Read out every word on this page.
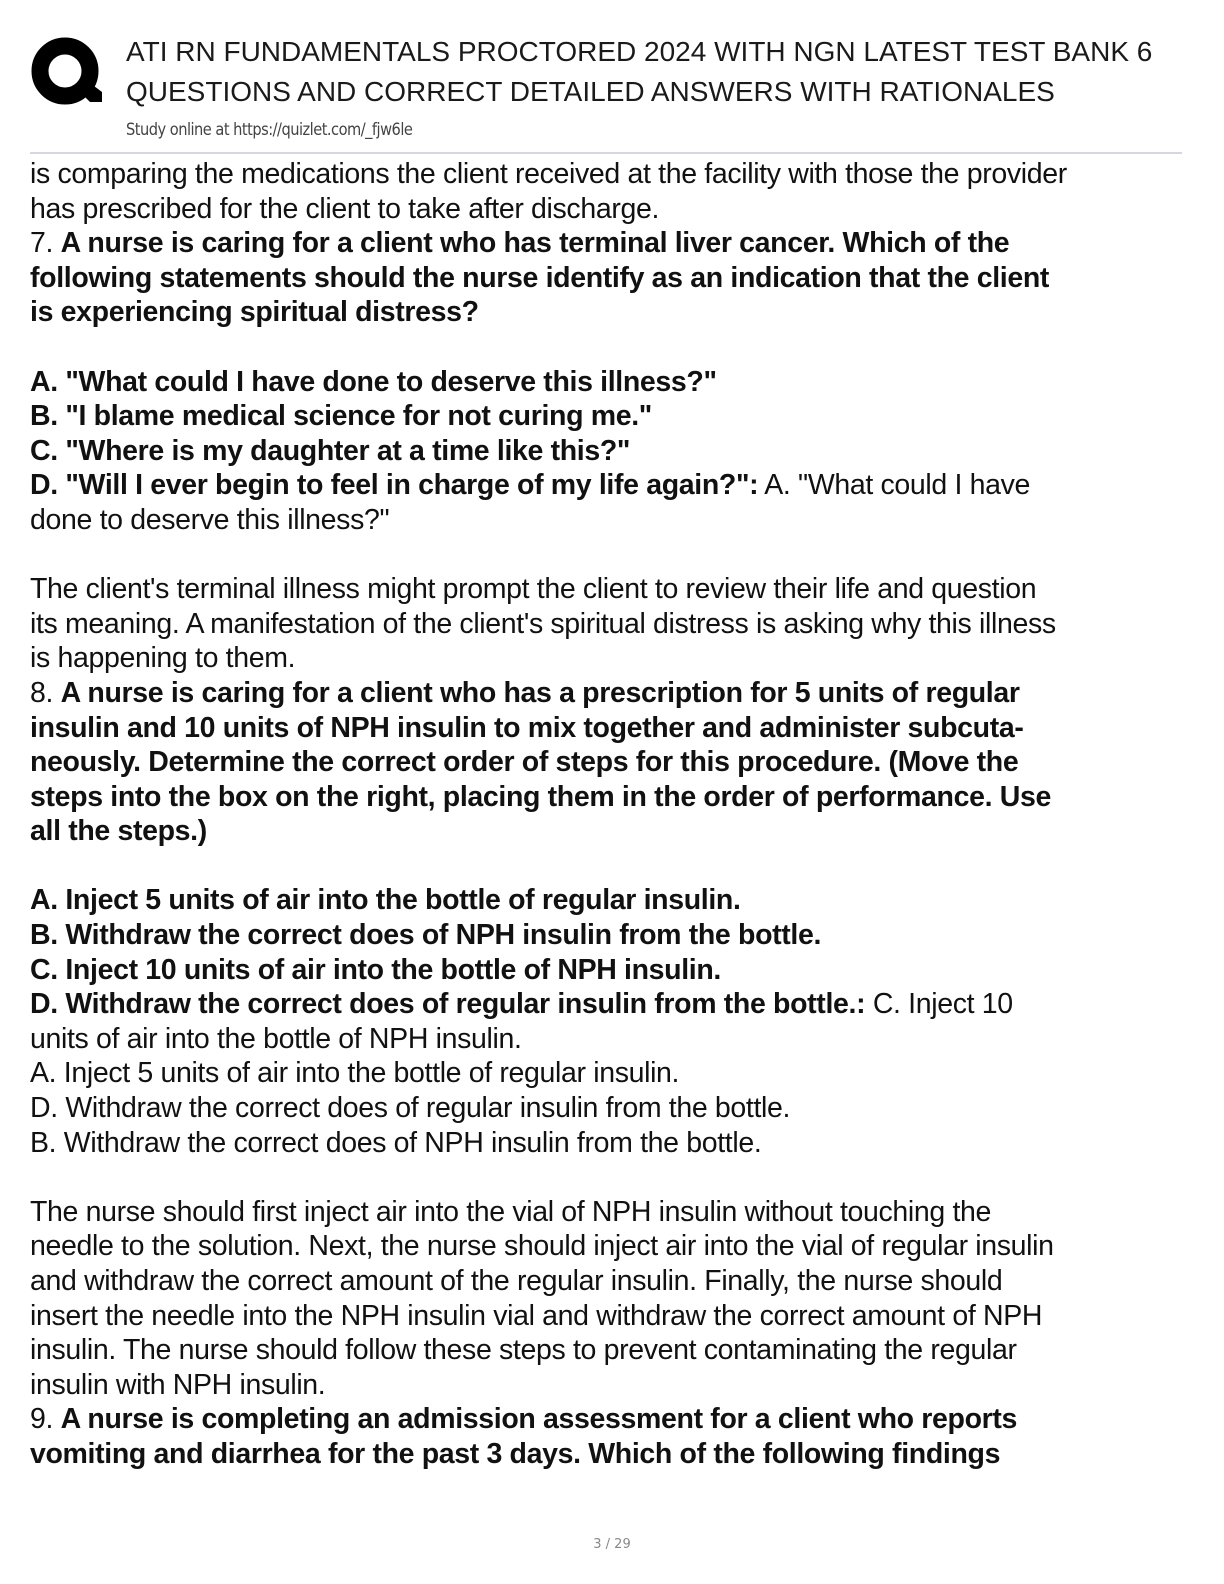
ATI RN FUNDAMENTALS PROCTORED 2024 WITH NGN LATEST TEST BANK 6
QUESTIONS AND CORRECT DETAILED ANSWERS WITH RATIONALES
Study online at https://quizlet.com/_fjw6le

is comparing the medications the client received at the facility with those the provider

has prescribed for the client to take after discharge.

7. A nurse is caring for a client who has terminal liver cancer. Which of the

following statements should the nurse identify as an indication that the client

is experiencing spiritual distress?

A. "What could I have done to deserve this illness?"

B. "I blame medical science for not curing me."

C. "Where is my daughter at a time like this?"

D. "Will I ever begin to feel in charge of my life again?": A. "What could I have

done to deserve this illness?"

The client's terminal illness might prompt the client to review their life and question

its meaning. A manifestation of the client's spiritual distress is asking why this illness

is happening to them.

8. A nurse is caring for a client who has a prescription for 5 units of regular

insulin and 10 units of NPH insulin to mix together and administer subcuta-

neously. Determine the correct order of steps for this procedure. (Move the

steps into the box on the right, placing them in the order of performance. Use

all the steps.)

A. Inject 5 units of air into the bottle of regular insulin.

B. Withdraw the correct does of NPH insulin from the bottle.

C. Inject 10 units of air into the bottle of NPH insulin.

D. Withdraw the correct does of regular insulin from the bottle.: C. Inject 10

units of air into the bottle of NPH insulin.

A. Inject 5 units of air into the bottle of regular insulin.

D. Withdraw the correct does of regular insulin from the bottle.

B. Withdraw the correct does of NPH insulin from the bottle.

The nurse should first inject air into the vial of NPH insulin without touching the

needle to the solution. Next, the nurse should inject air into the vial of regular insulin

and withdraw the correct amount of the regular insulin. Finally, the nurse should

insert the needle into the NPH insulin vial and withdraw the correct amount of NPH

insulin. The nurse should follow these steps to prevent contaminating the regular

insulin with NPH insulin.

9. A nurse is completing an admission assessment for a client who reports

vomiting and diarrhea for the past 3 days. Which of the following findings

3 / 29
